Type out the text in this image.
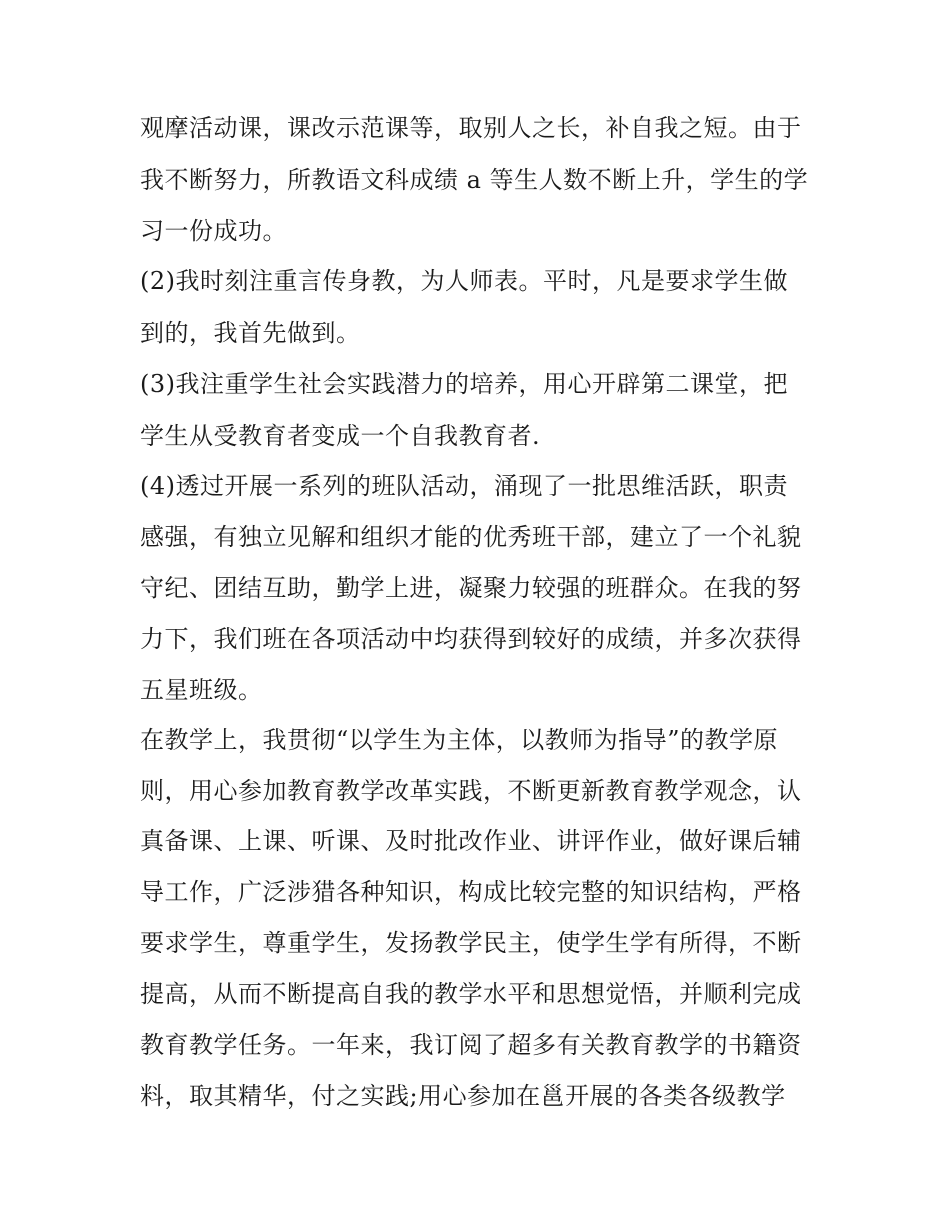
观摩活动课，课改示范课等，取别人之长，补自我之短。由于
我不断努力，所教语文科成绩 a 等生人数不断上升，学生的学
习一份成功。
(2)我时刻注重言传身教，为人师表。平时，凡是要求学生做
到的，我首先做到。
(3)我注重学生社会实践潜力的培养，用心开辟第二课堂，把
学生从受教育者变成一个自我教育者.
(4)透过开展一系列的班队活动，涌现了一批思维活跃，职责
感强，有独立见解和组织才能的优秀班干部，建立了一个礼貌
守纪、团结互助，勤学上进，凝聚力较强的班群众。在我的努
力下，我们班在各项活动中均获得到较好的成绩，并多次获得
五星班级。
在教学上，我贯彻“以学生为主体，以教师为指导”的教学原
则，用心参加教育教学改革实践，不断更新教育教学观念，认
真备课、上课、听课、及时批改作业、讲评作业，做好课后辅
导工作，广泛涉猎各种知识，构成比较完整的知识结构，严格
要求学生，尊重学生，发扬教学民主，使学生学有所得，不断
提高，从而不断提高自我的教学水平和思想觉悟，并顺利完成
教育教学任务。一年来，我订阅了超多有关教育教学的书籍资
料，取其精华，付之实践;用心参加在邕开展的各类各级教学
